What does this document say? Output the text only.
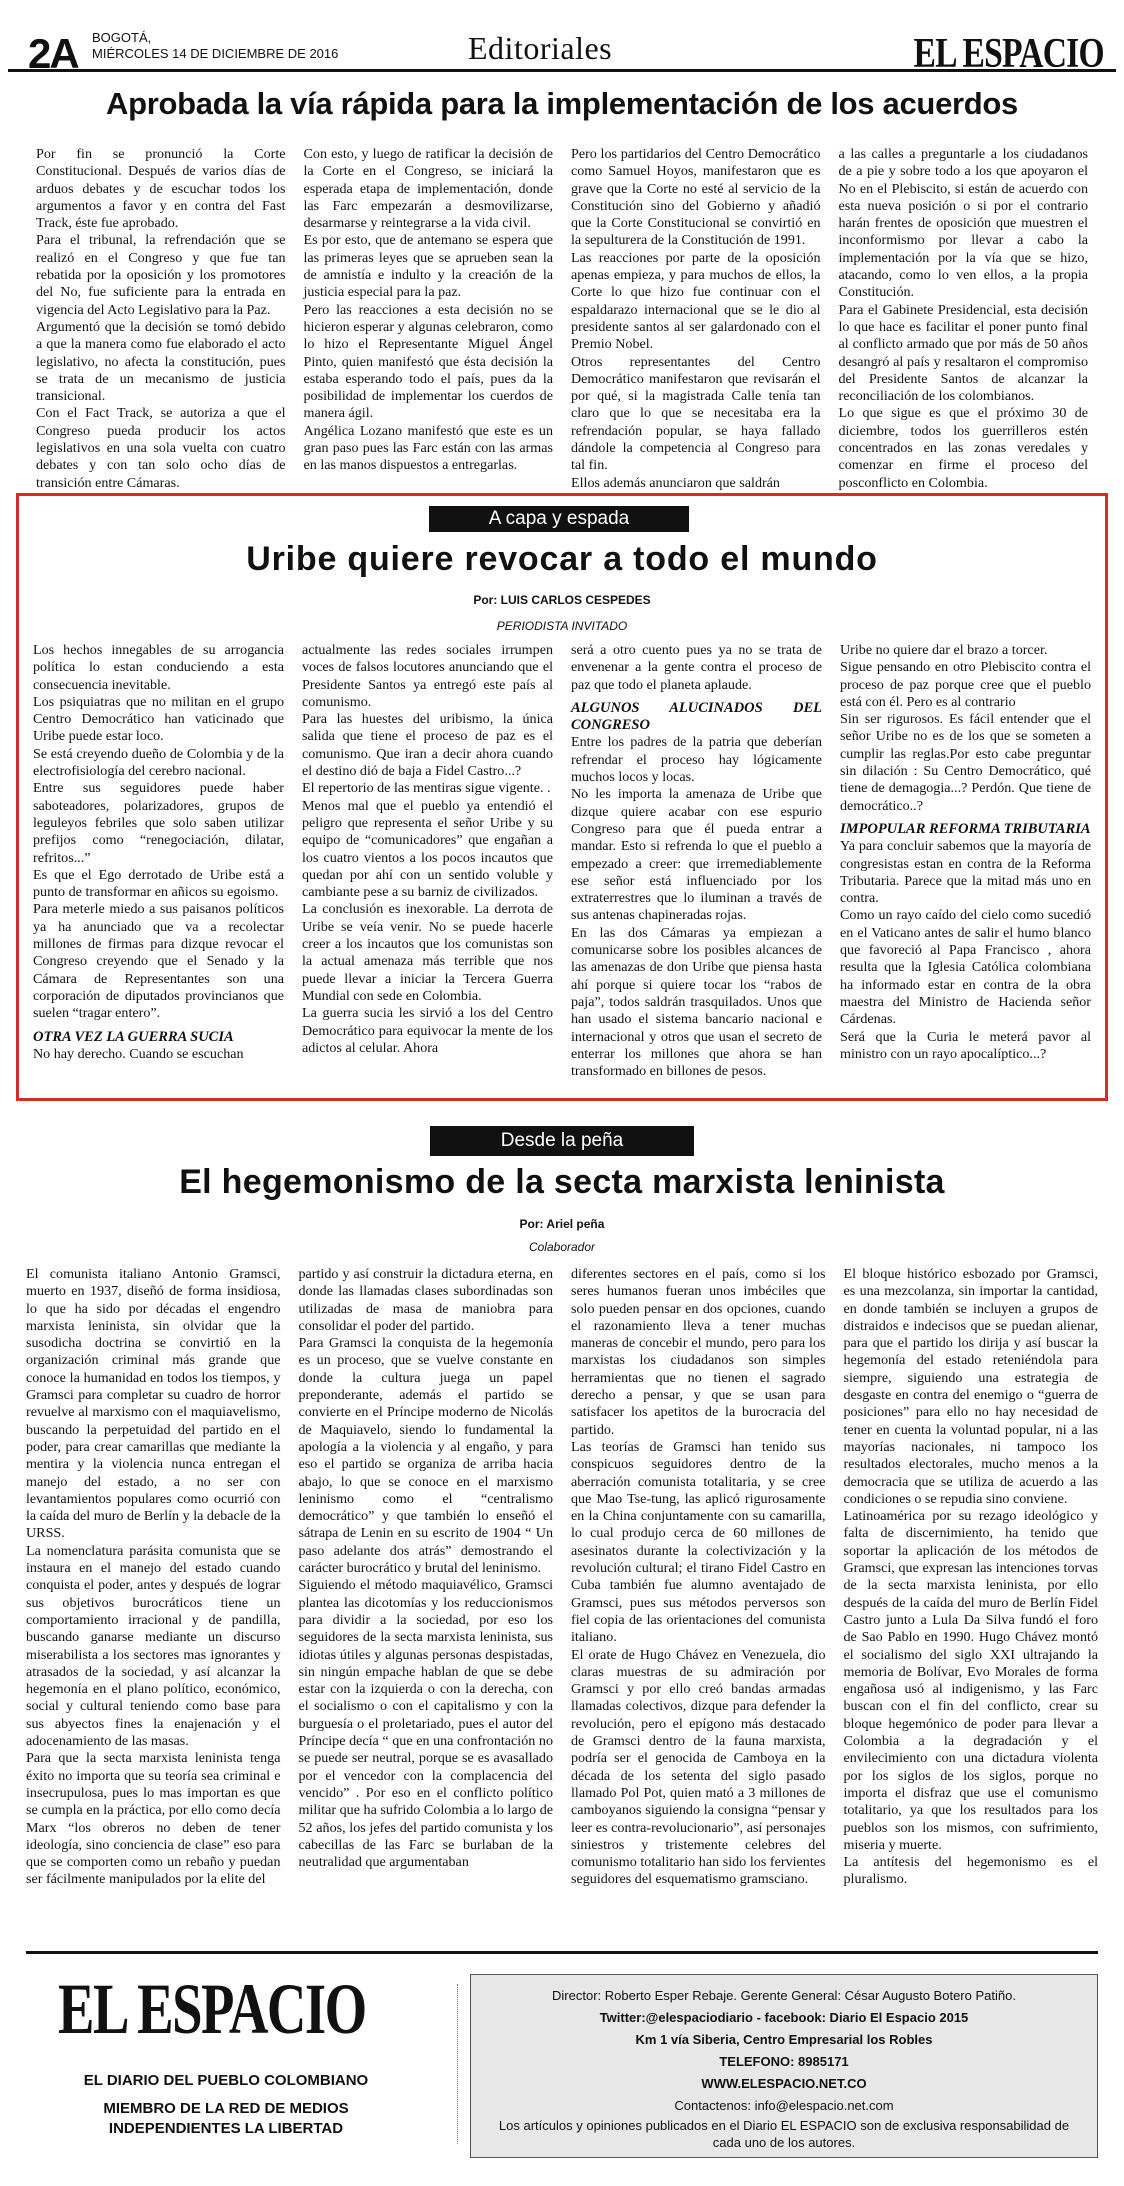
2A BOGOTÁ,
MIÉRCOLES 14 DE DICIEMBRE DE 2016	Editoriales	EL ESPACIO
Aprobada la vía rápida para la implementación de los acuerdos

Por fin se pronunció la Corte Constitucional. Después de varios días de arduos debates y de escuchar todos los argumentos a favor y en contra del Fast Track, éste fue aprobado.

Para el tribunal, la refrendación que se realizó en el Congreso y que fue tan rebatida por la oposición y los promotores del No, fue suficiente para la entrada en vigencia del Acto Legislativo para la Paz.

Argumentó que la decisión se tomó debido a que la manera como fue elaborado el acto legislativo, no afecta la constitución, pues se trata de un mecanismo de justicia transicional.

Con el Fact Track, se autoriza a que el Congreso pueda producir los actos legislativos en una sola vuelta con cuatro debates y con tan solo ocho días de transición entre Cámaras.

Con esto, y luego de ratificar la decisión de la Corte en el Congreso, se iniciará la esperada etapa de implementación, donde las Farc empezarán a desmovilizarse, desarmarse y reintegrarse a la vida civil.

Es por esto, que de antemano se espera que las primeras leyes que se aprueben sean la de amnistía e indulto y la creación de la justicia especial para la paz.

Pero las reacciones a esta decisión no se hicieron esperar y algunas celebraron, como lo hizo el Representante Miguel Ángel Pinto, quien manifestó que ésta decisión la estaba esperando todo el país, pues da la posibilidad de implementar los cuerdos de manera ágil.

Angélica Lozano manifestó que este es un gran paso pues las Farc están con las armas en las manos dispuestos a entregarlas.

Pero los partidarios del Centro Democrático como Samuel Hoyos, manifestaron que es grave que la Corte no esté al servicio de la Constitución sino del Gobierno y añadió que la Corte Constitucional se convirtió en la sepulturera de la Constitución de 1991.

Las reacciones por parte de la oposición apenas empieza, y para muchos de ellos, la Corte lo que hizo fue continuar con el espaldarazo internacional que se le dio al presidente santos al ser galardonado con el Premio Nobel.

Otros representantes del Centro Democrático manifestaron que revisarán el por qué, si la magistrada Calle tenía tan claro que lo que se necesitaba era la refrendación popular, se haya fallado dándole la competencia al Congreso para tal fin.

Ellos además anunciaron que saldrán

a las calles a preguntarle a los ciudadanos de a pie y sobre todo a los que apoyaron el No en el Plebiscito, si están de acuerdo con esta nueva posición o si por el contrario harán frentes de oposición que muestren el inconformismo por llevar a cabo la implementación por la vía que se hizo, atacando, como lo ven ellos, a la propia Constitución.

Para el Gabinete Presidencial, esta decisión lo que hace es facilitar el poner punto final al conflicto armado que por más de 50 años desangró al país y resaltaron el compromiso del Presidente Santos de alcanzar la reconciliación de los colombianos.

Lo que sigue es que el próximo 30 de diciembre, todos los guerrilleros estén concentrados en las zonas veredales y comenzar en firme el proceso del posconflicto en Colombia.

A capa y espada
Uribe quiere revocar a todo el mundo
Por: LUIS CARLOS CESPEDES
PERIODISTA INVITADO

Los hechos innegables de su arrogancia política lo estan conduciendo a esta consecuencia inevitable.

Los psiquiatras que no militan en el grupo Centro Democrático han vaticinado que Uribe puede estar loco.

Se está creyendo dueño de Colombia y de la electrofisiología del cerebro nacional.

Entre sus seguidores puede haber saboteadores, polarizadores, grupos de leguleyos febriles que solo saben utilizar prefijos como “renegociación, dilatar, refritos...”

Es que el Ego derrotado de Uribe está a punto de transformar en añicos su egoismo.

Para meterle miedo a sus paisanos políticos ya ha anunciado que va a recolectar millones de firmas para dizque revocar el Congreso creyendo que el Senado y la Cámara de Representantes son una corporación de diputados provincianos que suelen “tragar entero”.

OTRA VEZ LA GUERRA SUCIA

No hay derecho. Cuando se escuchan

actualmente las redes sociales irrumpen voces de falsos locutores anunciando que el Presidente Santos ya entregó este país al comunismo.

Para las huestes del uribismo, la única salida que tiene el proceso de paz es el comunismo. Que iran a decir ahora cuando el destino dió de baja a Fidel Castro...?

El repertorio de las mentiras sigue vigente. .

Menos mal que el pueblo ya entendió el peligro que representa el señor Uribe y su equipo de “comunicadores” que engañan a los cuatro vientos a los pocos incautos que quedan por ahí con un sentido voluble y cambiante pese a su barniz de civilizados.

La conclusión es inexorable. La derrota de Uribe se veía venir. No se puede hacerle creer a los incautos que los comunistas son la actual amenaza más terrible que nos puede llevar a iniciar la Tercera Guerra Mundial con sede en Colombia.

La guerra sucia les sirvió a los del Centro Democrático para equivocar la mente de los adictos al celular. Ahora

será a otro cuento pues ya no se trata de envenenar a la gente contra el proceso de paz que todo el planeta aplaude.

ALGUNOS ALUCINADOS DEL CONGRESO

Entre los padres de la patria que deberían refrendar el proceso hay lógicamente muchos locos y locas.

No les importa la amenaza de Uribe que dizque quiere acabar con ese espurio Congreso para que él pueda entrar a mandar. Esto si refrenda lo que el pueblo a empezado a creer: que irremediablemente ese señor está influenciado por los extraterrestres que lo iluminan a través de sus antenas chapineradas rojas.

En las dos Cámaras ya empiezan a comunicarse sobre los posibles alcances de las amenazas de don Uribe que piensa hasta ahí porque si quiere tocar los “rabos de paja”, todos saldrán trasquilados. Unos que han usado el sistema bancario nacional e internacional y otros que usan el secreto de enterrar los millones que ahora se han transformado en billones de pesos.

Uribe no quiere dar el brazo a torcer.

Sigue pensando en otro Plebiscito contra el proceso de paz porque cree que el pueblo está con él. Pero es al contrario

Sin ser rigurosos. Es fácil entender que el señor Uribe no es de los que se someten a cumplir las reglas.Por esto cabe preguntar sin dilación : Su Centro Democrático, qué tiene de demagogia...? Perdón. Que tiene de democrático..?

IMPOPULAR REFORMA TRIBUTARIA

Ya para concluir sabemos que la mayoría de congresistas estan en contra de la Reforma Tributaria. Parece que la mitad más uno en contra.

Como un rayo caído del cielo como sucedió en el Vaticano antes de salir el humo blanco que favoreció al Papa Francisco , ahora resulta que la Iglesia Católica colombiana ha informado estar en contra de la obra maestra del Ministro de Hacienda señor Cárdenas.

Será que la Curia le meterá pavor al ministro con un rayo apocalíptico...?

Desde la peña
El hegemonismo de la secta marxista leninista
Por: Ariel peña
Colaborador

El comunista italiano Antonio Gramsci, muerto en 1937, diseñó de forma insidiosa, lo que ha sido por décadas el engendro marxista leninista, sin olvidar que la susodicha doctrina se convirtió en la organización criminal más grande que conoce la humanidad en todos los tiempos, y Gramsci para completar su cuadro de horror revuelve al marxismo con el maquiavelismo, buscando la perpetuidad del partido en el poder, para crear camarillas que mediante la mentira y la violencia nunca entregan el manejo del estado, a no ser con levantamientos populares como ocurrió con la caída del muro de Berlín y la debacle de la URSS.

La nomenclatura parásita comunista que se instaura en el manejo del estado cuando conquista el poder, antes y después de lograr sus objetivos burocráticos tiene un comportamiento irracional y de pandilla, buscando ganarse mediante un discurso miserabilista a los sectores mas ignorantes y atrasados de la sociedad, y así alcanzar la hegemonía en el plano político, económico, social y cultural teniendo como base para sus abyectos fines la enajenación y el adocenamiento de las masas.

Para que la secta marxista leninista tenga éxito no importa que su teoría sea criminal e insecrupulosa, pues lo mas importan es que se cumpla en la práctica, por ello como decía Marx “los obreros no deben de tener ideología, sino conciencia de clase” eso para que se comporten como un rebaño y puedan ser fácilmente manipulados por la elite del

partido y así construir la dictadura eterna, en donde las llamadas clases subordinadas son utilizadas de masa de maniobra para consolidar el poder del partido.

Para Gramsci la conquista de la hegemonía es un proceso, que se vuelve constante en donde la cultura juega un papel preponderante, además el partido se convierte en el Príncipe moderno de Nicolás de Maquiavelo, siendo lo fundamental la apología a la violencia y al engaño, y para eso el partido se organiza de arriba hacia abajo, lo que se conoce en el marxismo leninismo como el “centralismo democrático” y que también lo enseñó el sátrapa de Lenin en su escrito de 1904 “ Un paso adelante dos atrás” demostrando el carácter burocrático y brutal del leninismo.

Siguiendo el método maquiavélico, Gramsci plantea las dicotomías y los reduccionismos para dividir a la sociedad, por eso los seguidores de la secta marxista leninista, sus idiotas útiles y algunas personas despistadas, sin ningún empache hablan de que se debe estar con la izquierda o con la derecha, con el socialismo o con el capitalismo y con la burguesía o el proletariado, pues el autor del Príncipe decía “ que en una confrontación no se puede ser neutral, porque se es avasallado por el vencedor con la complacencia del vencido” . Por eso en el conflicto político militar que ha sufrido Colombia a lo largo de 52 años, los jefes del partido comunista y los cabecillas de las Farc se burlaban de la neutralidad que argumentaban

diferentes sectores en el país, como si los seres humanos fueran unos imbéciles que solo pueden pensar en dos opciones, cuando el razonamiento lleva a tener muchas maneras de concebir el mundo, pero para los marxistas los ciudadanos son simples herramientas que no tienen el sagrado derecho a pensar, y que se usan para satisfacer los apetitos de la burocracia del partido.

Las teorías de Gramsci han tenido sus conspicuos seguidores dentro de la aberración comunista totalitaria, y se cree que Mao Tse-tung, las aplicó rigurosamente en la China conjuntamente con su camarilla, lo cual produjo cerca de 60 millones de asesinatos durante la colectivización y la revolución cultural; el tirano Fidel Castro en Cuba también fue alumno aventajado de Gramsci, pues sus métodos perversos son fiel copia de las orientaciones del comunista italiano.

El orate de Hugo Chávez en Venezuela, dio claras muestras de su admiración por Gramsci y por ello creó bandas armadas llamadas colectivos, dizque para defender la revolución, pero el epígono más destacado de Gramsci dentro de la fauna marxista, podría ser el genocida de Camboya en la década de los setenta del siglo pasado llamado Pol Pot, quien mató a 3 millones de camboyanos siguiendo la consigna “pensar y leer es contra-revolucionario”, así personajes siniestros y tristemente celebres del comunismo totalitario han sido los fervientes seguidores del esquematismo gramsciano.

El bloque histórico esbozado por Gramsci, es una mezcolanza, sin importar la cantidad, en donde también se incluyen a grupos de distraidos e indecisos que se puedan alienar, para que el partido los dirija y así buscar la hegemonía del estado reteniéndola para siempre, siguiendo una estrategia de desgaste en contra del enemigo o “guerra de posiciones” para ello no hay necesidad de tener en cuenta la voluntad popular, ni a las mayorías nacionales, ni tampoco los resultados electorales, mucho menos a la democracia que se utiliza de acuerdo a las condiciones o se repudia sino conviene.

Latinoamérica por su rezago ideológico y falta de discernimiento, ha tenido que soportar la aplicación de los métodos de Gramsci, que expresan las intenciones torvas de la secta marxista leninista, por ello después de la caída del muro de Berlín Fidel Castro junto a Lula Da Silva fundó el foro de Sao Pablo en 1990. Hugo Chávez montó el socialismo del siglo XXI ultrajando la memoria de Bolívar, Evo Morales de forma engañosa usó al indigenismo, y las Farc buscan con el fin del conflicto, crear su bloque hegemónico de poder para llevar a Colombia a la degradación y el envilecimiento con una dictadura violenta por los siglos de los siglos, porque no importa el disfraz que use el comunismo totalitario, ya que los resultados para los pueblos son los mismos, con sufrimiento, miseria y muerte.

La antítesis del hegemonismo es el pluralismo.

EL ESPACIO
EL DIARIO DEL PUEBLO COLOMBIANO
MIEMBRO DE LA RED DE MEDIOS
INDEPENDIENTES LA LIBERTAD
Director: Roberto Esper Rebaje. Gerente General: César Augusto Botero Patiño.
Twitter:@elespaciodiario - facebook: Diario El Espacio 2015
Km 1 vía Siberia, Centro Empresarial los Robles
TELEFONO: 8985171
WWW.ELESPACIO.NET.CO
Contactenos: info@elespacio.net.com
Los artículos y opiniones publicados en el Diario EL ESPACIO son de exclusiva responsabilidad de cada uno de los autores.
